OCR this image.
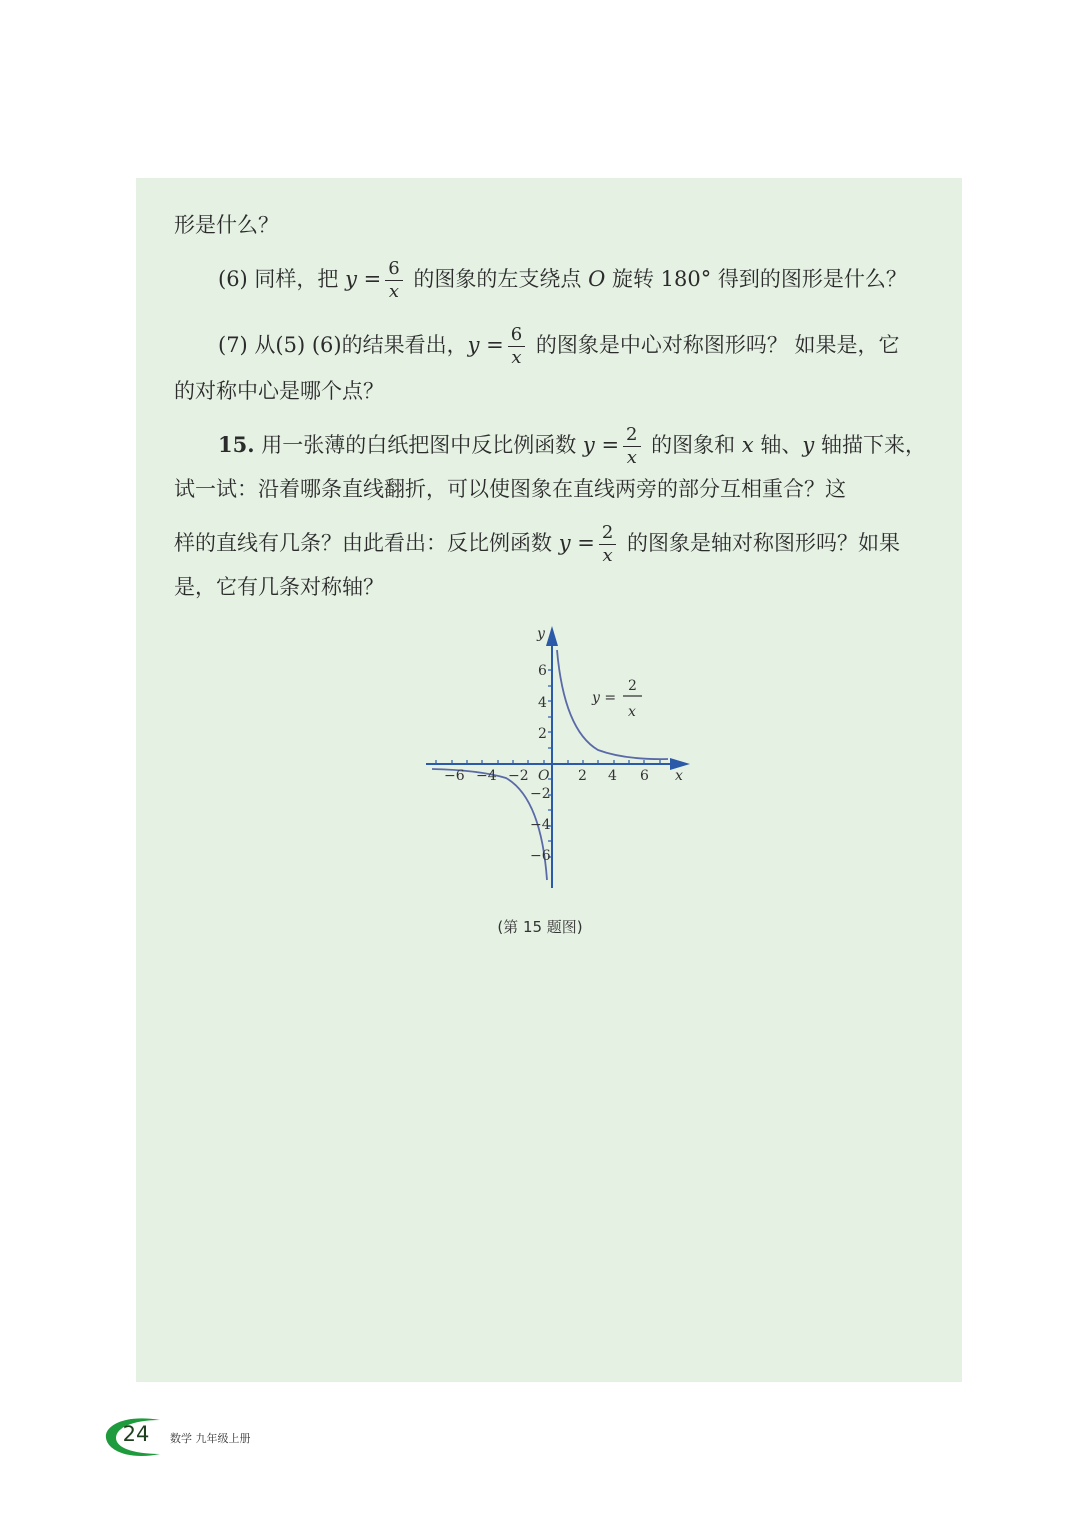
形是什么？
(6) 同样，把 $y = \frac{6}{x}$ 的图象的左支绕点 O 旋转 180° 得到的图形是什么？
(7) 从(5) (6)的结果看出，$y = \frac{6}{x}$ 的图象是中心对称图形吗？ 如果是，它
的对称中心是哪个点？
15. 用一张薄的白纸把图中反比例函数 $y = \frac{2}{x}$ 的图象和 x 轴、y 轴描下来，
试一试：沿着哪条直线翻折，可以使图象在直线两旁的部分互相重合？这
样的直线有几条？由此看出：反比例函数 $y = \frac{2}{x}$ 的图象是轴对称图形吗？如果
是，它有几条对称轴？
y
x
O 2 4 6
−6 −4 −2
6
4
2
−2
−4
−6
y =
2
x
(第 15 题图)
24	数学 九年级上册
